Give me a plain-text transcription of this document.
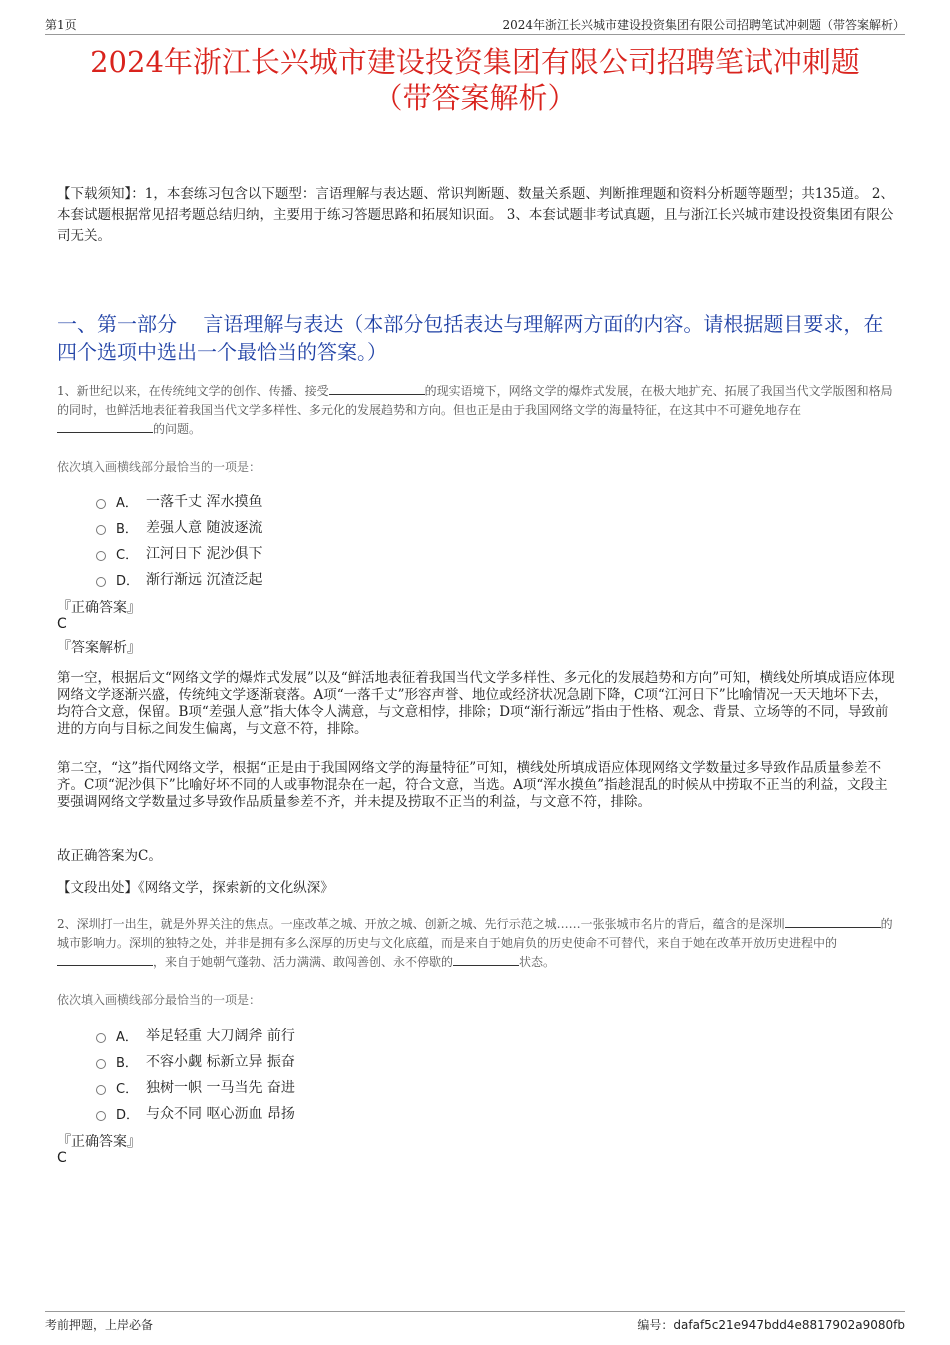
第1页	2024年浙江长兴城市建设投资集团有限公司招聘笔试冲刺题（带答案解析）
2024年浙江长兴城市建设投资集团有限公司招聘笔试冲刺题
（带答案解析）
【下载须知】：1，本套练习包含以下题型：言语理解与表达题、常识判断题、数量关系题、判断推理题和资料分析题等题型；共135道。 2、本套试题根据常见招考题总结归纳，主要用于练习答题思路和拓展知识面。 3、本套试题非考试真题，且与浙江长兴城市建设投资集团有限公司无关。
一、第一部分　 言语理解与表达（本部分包括表达与理解两方面的内容。请根据题目要求，在四个选项中选出一个最恰当的答案。）
1、新世纪以来，在传统纯文学的创作、传播、接受	的现实语境下，网络文学的爆炸式发展，在极大地扩充、拓展了我国当代文学版图和格局的同时，也鲜活地表征着我国当代文学多样性、多元化的发展趋势和方向。但也正是由于我国网络文学的海量特征，在这其中不可避免地存在的问题。
依次填入画横线部分最恰当的一项是：
A． 一落千丈 浑水摸鱼
B． 差强人意 随波逐流
C． 江河日下 泥沙俱下
D． 渐行渐远 沉渣泛起
『正确答案』
C
『答案解析』
第一空，根据后文“网络文学的爆炸式发展”以及“鲜活地表征着我国当代文学多样性、多元化的发展趋势和方向”可知，横线处所填成语应体现网络文学逐渐兴盛，传统纯文学逐渐衰落。A项“一落千丈”形容声誉、地位或经济状况急剧下降，C项“江河日下”比喻情况一天天地坏下去，均符合文意，保留。B项“差强人意”指大体令人满意，与文意相悖，排除；D项“渐行渐远”指由于性格、观念、背景、立场等的不同，导致前进的方向与目标之间发生偏离，与文意不符，排除。
第二空，“这”指代网络文学，根据“正是由于我国网络文学的海量特征”可知，横线处所填成语应体现网络文学数量过多导致作品质量参差不齐。C项“泥沙俱下”比喻好坏不同的人或事物混杂在一起，符合文意，当选。A项“浑水摸鱼”指趁混乱的时候从中捞取不正当的利益，文段主要强调网络文学数量过多导致作品质量参差不齐，并未提及捞取不正当的利益，与文意不符，排除。
故正确答案为C。
【文段出处】《网络文学，探索新的文化纵深》
2、深圳打一出生，就是外界关注的焦点。一座改革之城、开放之城、创新之城、先行示范之城……一张张城市名片的背后，蕴含的是深圳	的城市影响力。深圳的独特之处，并非是拥有多么深厚的历史与文化底蕴，而是来自于她肩负的历史使命不可替代，来自于她在改革开放历史进程中的，来自于她朝气蓬勃、活力满满、敢闯善创、永不停歇的	状态。
依次填入画横线部分最恰当的一项是：
A． 举足轻重 大刀阔斧 前行
B． 不容小觑 标新立异 振奋
C． 独树一帜 一马当先 奋进
D． 与众不同 呕心沥血 昂扬
『正确答案』
C
考前押题，上岸必备	编号：dafaf5c21e947bdd4e8817902a9080fb
